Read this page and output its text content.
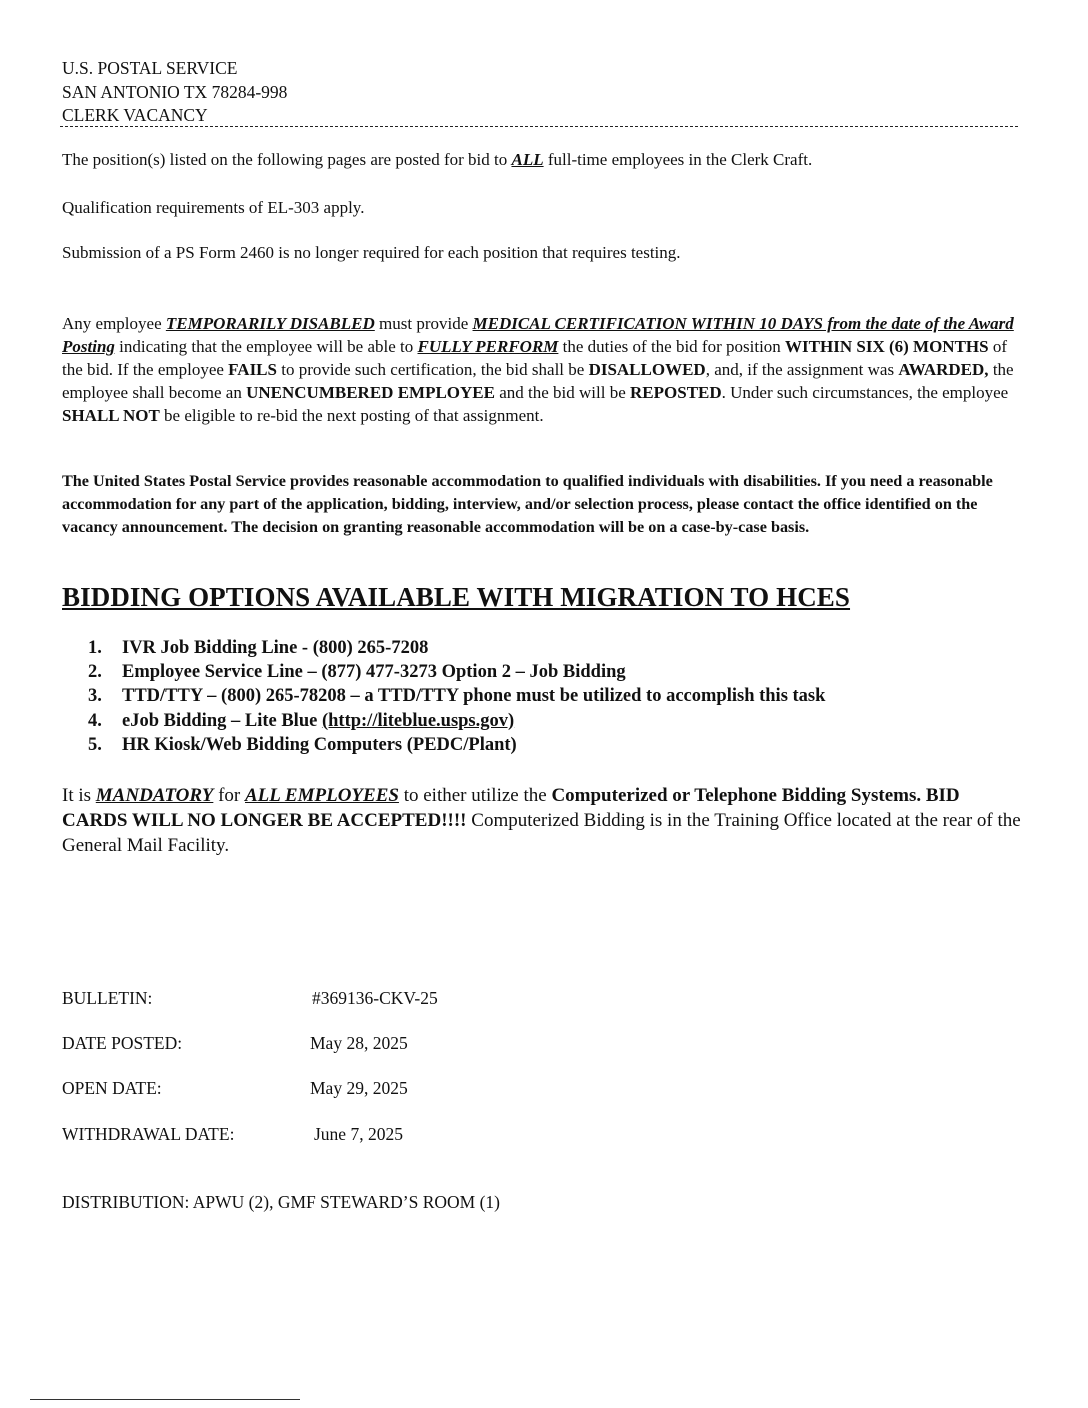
U.S. POSTAL SERVICE
SAN ANTONIO TX 78284-998
CLERK VACANCY
The position(s) listed on the following pages are posted for bid to ALL full-time employees in the Clerk Craft.
Qualification requirements of EL-303 apply.
Submission of a PS Form 2460 is no longer required for each position that requires testing.
Any employee TEMPORARILY DISABLED must provide MEDICAL CERTIFICATION WITHIN 10 DAYS from the date of the Award Posting indicating that the employee will be able to FULLY PERFORM the duties of the bid for position WITHIN SIX (6) MONTHS of the bid. If the employee FAILS to provide such certification, the bid shall be DISALLOWED, and, if the assignment was AWARDED, the employee shall become an UNENCUMBERED EMPLOYEE and the bid will be REPOSTED. Under such circumstances, the employee SHALL NOT be eligible to re-bid the next posting of that assignment.
The United States Postal Service provides reasonable accommodation to qualified individuals with disabilities. If you need a reasonable accommodation for any part of the application, bidding, interview, and/or selection process, please contact the office identified on the vacancy announcement. The decision on granting reasonable accommodation will be on a case-by-case basis.
BIDDING OPTIONS AVAILABLE WITH MIGRATION TO HCES
1. IVR Job Bidding Line - (800) 265-7208
2. Employee Service Line – (877) 477-3273 Option 2 – Job Bidding
3. TTD/TTY – (800) 265-78208 – a TTD/TTY phone must be utilized to accomplish this task
4. eJob Bidding – Lite Blue (http://liteblue.usps.gov)
5. HR Kiosk/Web Bidding Computers (PEDC/Plant)
It is MANDATORY for ALL EMPLOYEES to either utilize the Computerized or Telephone Bidding Systems. BID CARDS WILL NO LONGER BE ACCEPTED!!!! Computerized Bidding is in the Training Office located at the rear of the General Mail Facility.
BULLETIN:	#369136-CKV-25
DATE POSTED:	May 28, 2025
OPEN DATE:	May 29, 2025
WITHDRAWAL DATE:	June 7, 2025
DISTRIBUTION: APWU (2), GMF STEWARD’S ROOM (1)
